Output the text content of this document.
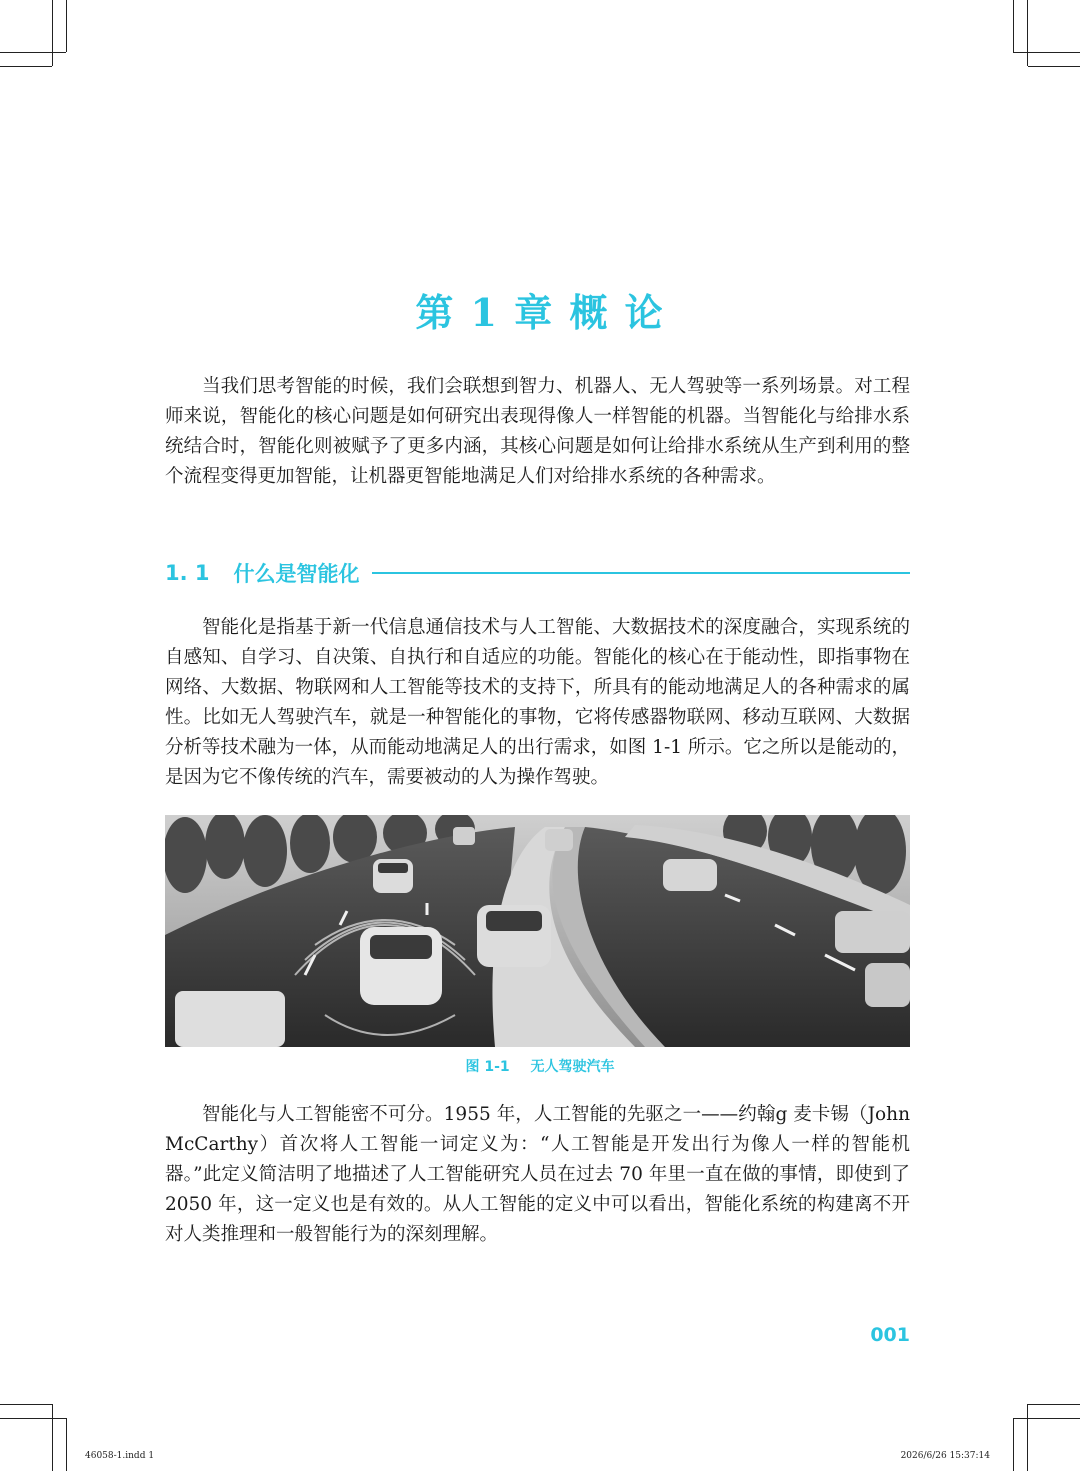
第 1 章 概 论

当我们思考智能的时候，我们会联想到智力、机器人、无人驾驶等一系列场景。对工程师来说，智能化的核心问题是如何研究出表现得像人一样智能的机器。当智能化与给排水系统结合时，智能化则被赋予了更多内涵，其核心问题是如何让给排水系统从生产到利用的整个流程变得更加智能，让机器更智能地满足人们对给排水系统的各种需求。

1. 1 什么是智能化

智能化是指基于新一代信息通信技术与人工智能、大数据技术的深度融合，实现系统的自感知、自学习、自决策、自执行和自适应的功能。智能化的核心在于能动性，即指事物在网络、大数据、物联网和人工智能等技术的支持下，所具有的能动地满足人的各种需求的属性。比如无人驾驶汽车，就是一种智能化的事物，它将传感器物联网、移动互联网、大数据分析等技术融为一体，从而能动地满足人的出行需求，如图 1-1 所示。它之所以是能动的，是因为它不像传统的汽车，需要被动的人为操作驾驶。

图 1-1 无人驾驶汽车

智能化与人工智能密不可分。1955 年，人工智能的先驱之一——约翰g 麦卡锡（John McCarthy）首次将人工智能一词定义为：“人工智能是开发出行为像人一样的智能机器。”此定义简洁明了地描述了人工智能研究人员在过去 70 年里一直在做的事情，即使到了 2050 年，这一定义也是有效的。从人工智能的定义中可以看出，智能化系统的构建离不开对人类推理和一般智能行为的深刻理解。

001
46058-1.indd 1	2026/6/26 15:37:14
